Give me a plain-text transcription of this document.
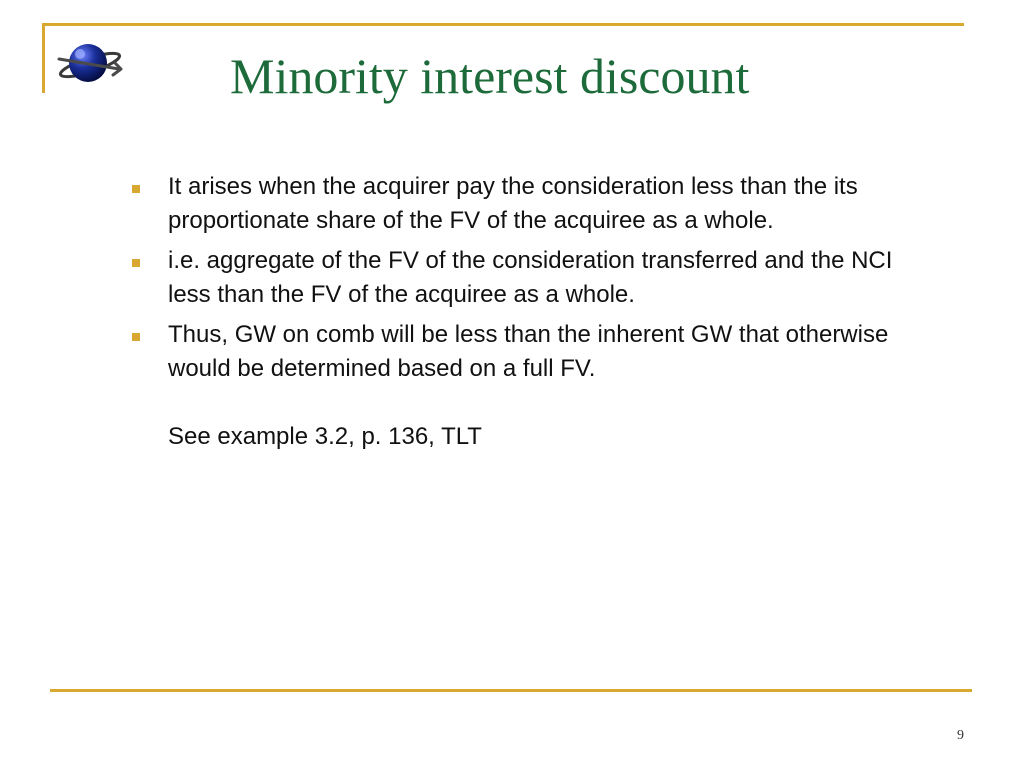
Minority interest discount
It arises when the acquirer pay the consideration less than the its proportionate share of the FV of the acquiree as a whole.
i.e. aggregate of the FV of the consideration transferred and the NCI less than the FV of the acquiree as a whole.
Thus, GW on comb will be less than the inherent GW that otherwise would be determined based on a full FV.
See example 3.2, p. 136, TLT
9
